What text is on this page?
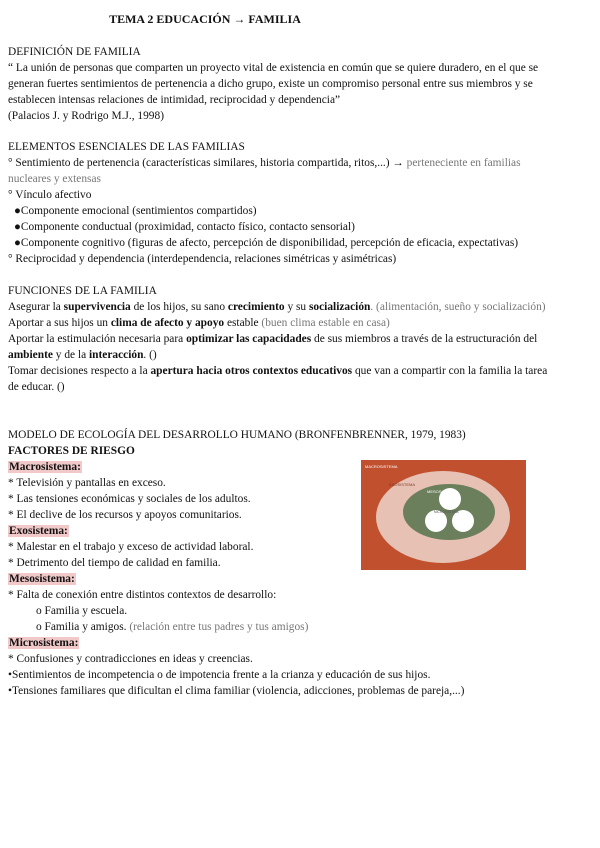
TEMA 2 EDUCACIÓN → FAMILIA
DEFINICIÓN DE FAMILIA
“ La unión de personas que comparten un proyecto vital de existencia en común que se quiere duradero, en el que se
generan fuertes sentimientos de pertenencia a dicho grupo, existe un compromiso personal entre sus miembros y se
establecen intensas relaciones de intimidad, reciprocidad y dependencia”
(Palacios J. y Rodrigo M.J., 1998)
ELEMENTOS ESENCIALES DE LAS FAMILIAS
° Sentimiento de pertenencia (características similares, historia compartida, ritos,...) → perteneciente en familias
nucleares y extensas
° Vínculo afectivo
●Componente emocional (sentimientos compartidos)
●Componente conductual (proximidad, contacto físico, contacto sensorial)
●Componente cognitivo (figuras de afecto, percepción de disponibilidad, percepción de eficacia, expectativas)
° Reciprocidad y dependencia (interdependencia, relaciones simétricas y asimétricas)
FUNCIONES DE LA FAMILIA
Asegurar la supervivencia de los hijos, su sano crecimiento y su socialización. (alimentación, sueño y socialización)
Aportar a sus hijos un clima de afecto y apoyo estable (buen clima estable en casa)
Aportar la estimulación necesaria para optimizar las capacidades de sus miembros a través de la estructuración del
ambiente y de la interacción. ()
Tomar decisiones respecto a la apertura hacia otros contextos educativos que van a compartir con la familia la tarea
de educar. ()
MODELO DE ECOLOGÍA DEL DESARROLLO HUMANO (BRONFENBRENNER, 1979, 1983)
FACTORES DE RIESGO
Macrosistema:
* Televisión y pantallas en exceso.
* Las tensiones económicas y sociales de los adultos.
* El declive de los recursos y apoyos comunitarios.
Exosistema:
* Malestar en el trabajo y exceso de actividad laboral.
* Detrimento del tiempo de calidad en familia.
Mesosistema:
* Falta de conexión entre distintos contextos de desarrollo:
o Familia y escuela.
o Familia y amigos. (relación entre tus padres y tus amigos)
Microsistema:
* Confusiones y contradicciones en ideas y creencias.
•Sentimientos de incompetencia o de impotencia frente a la crianza y educación de sus hijos.
•Tensiones familiares que dificultan el clima familiar (violencia, adicciones, problemas de pareja,...)
MACROSISTEMA
EXOSISTEMA
MESOSISTEMA
MICROSISTEMA
